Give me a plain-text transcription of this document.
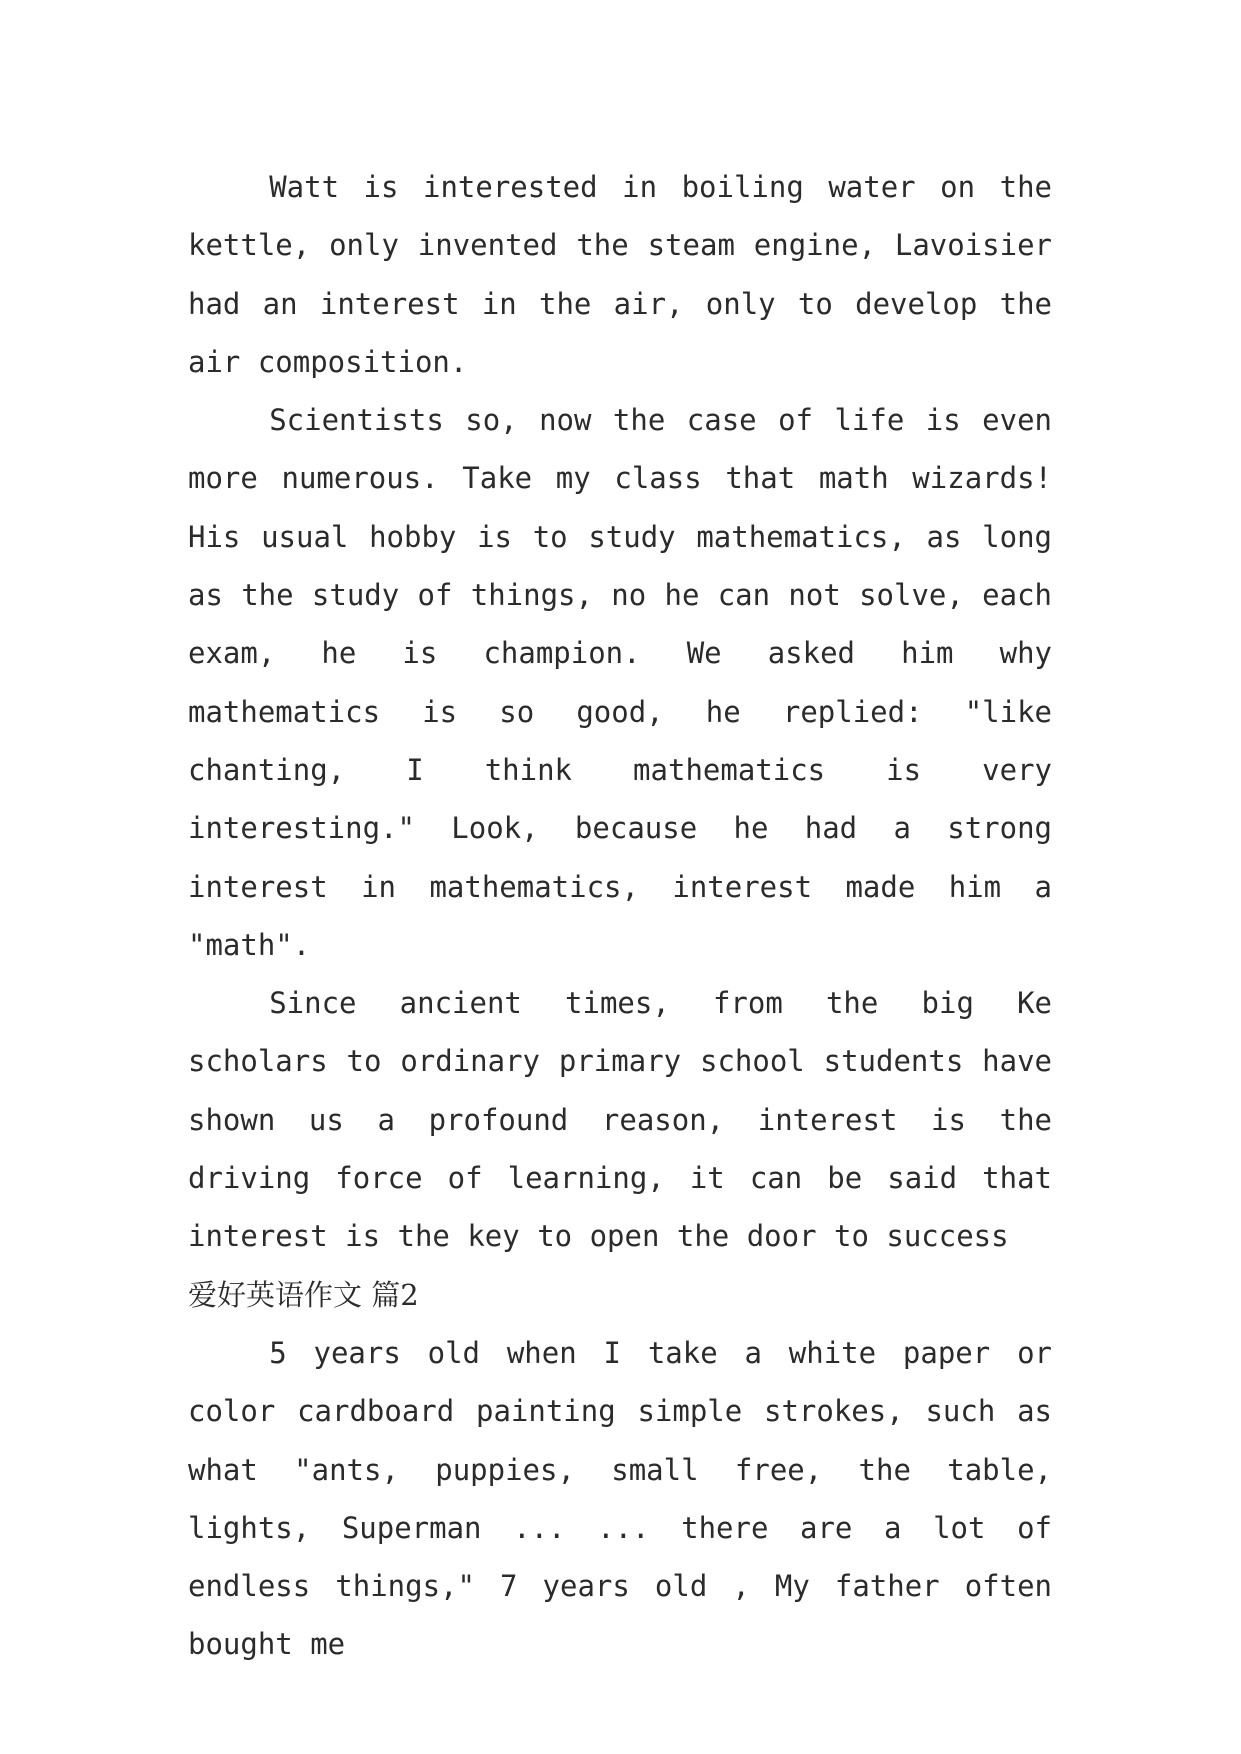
Watt is interested in boiling water on the kettle, only invented the steam engine, Lavoisier had an interest in the air, only to develop the air composition.

Scientists so, now the case of life is even more numerous. Take my class that math wizards! His usual hobby is to study mathematics, as long as the study of things, no he can not solve, each exam, he is champion. We asked him why mathematics is so good, he replied: "like chanting, I think mathematics is very interesting." Look, because he had a strong interest in mathematics, interest made him a "math".

Since ancient times, from the big Ke scholars to ordinary primary school students have shown us a profound reason, interest is the driving force of learning, it can be said that interest is the key to open the door to success

爱好英语作文 篇2

5 years old when I take a white paper or color cardboard painting simple strokes, such as what "ants, puppies, small free, the table, lights, Superman ... ... there are a lot of endless things," 7 years old , My father often bought me
